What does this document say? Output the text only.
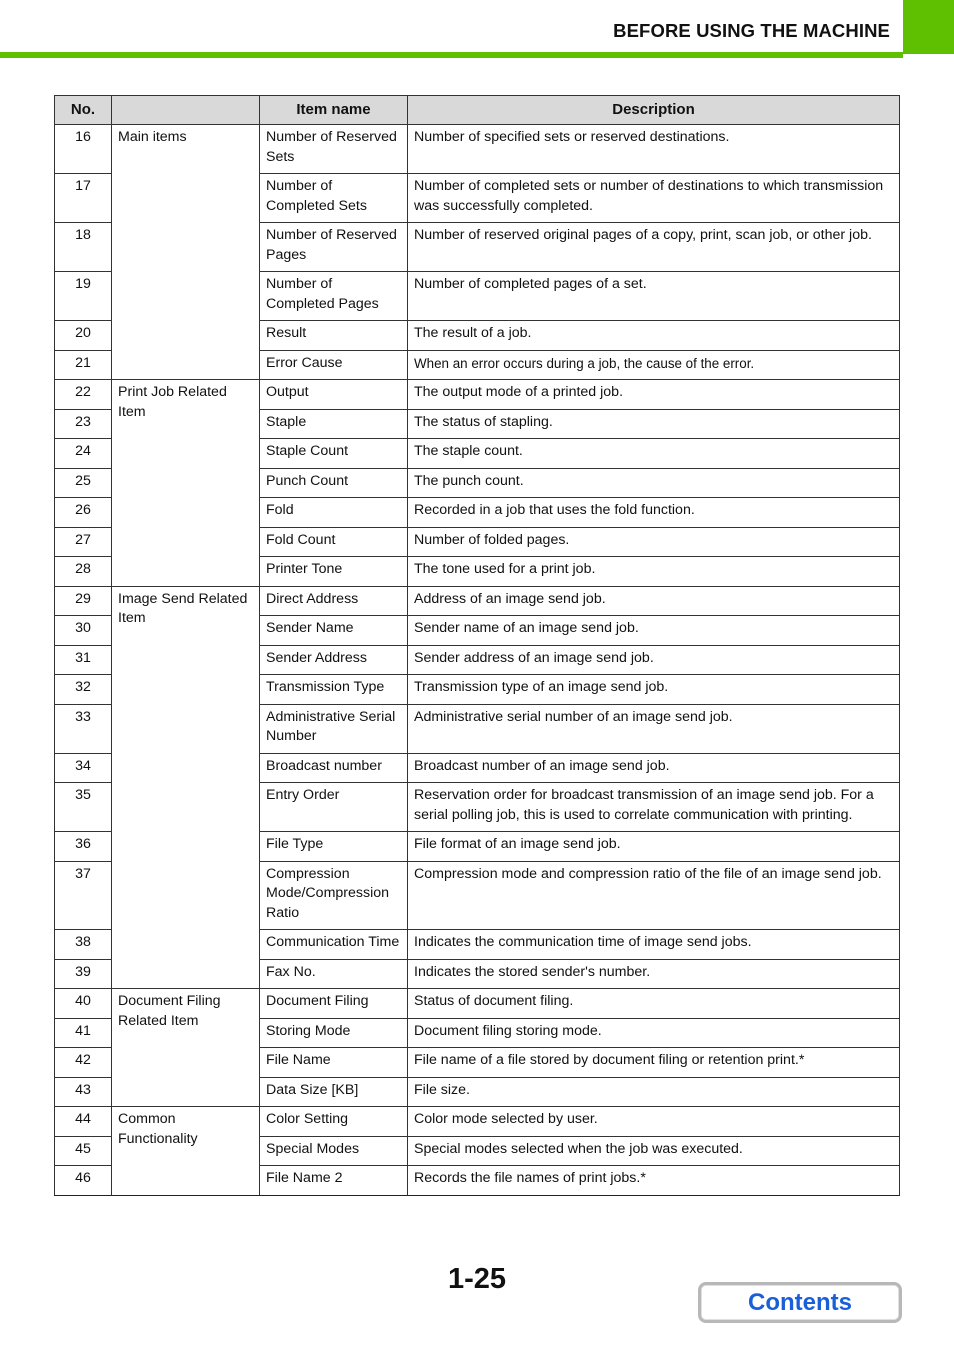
BEFORE USING THE MACHINE
No.		Item name	Description
16	Main items	Number of Reserved Sets	Number of specified sets or reserved destinations.
17		Number of Completed Sets	Number of completed sets or number of destinations to which transmission was successfully completed.
18		Number of Reserved Pages	Number of reserved original pages of a copy, print, scan job, or other job.
19		Number of Completed Pages	Number of completed pages of a set.
20		Result	The result of a job.
21		Error Cause	When an error occurs during a job, the cause of the error.
22	Print Job Related Item	Output	The output mode of a printed job.
23		Staple	The status of stapling.
24		Staple Count	The staple count.
25		Punch Count	The punch count.
26		Fold	Recorded in a job that uses the fold function.
27		Fold Count	Number of folded pages.
28		Printer Tone	The tone used for a print job.
29	Image Send Related Item	Direct Address	Address of an image send job.
30		Sender Name	Sender name of an image send job.
31		Sender Address	Sender address of an image send job.
32		Transmission Type	Transmission type of an image send job.
33		Administrative Serial Number	Administrative serial number of an image send job.
34		Broadcast number	Broadcast number of an image send job.
35		Entry Order	Reservation order for broadcast transmission of an image send job. For a serial polling job, this is used to correlate communication with printing.
36		File Type	File format of an image send job.
37		Compression Mode/Compression Ratio	Compression mode and compression ratio of the file of an image send job.
38		Communication Time	Indicates the communication time of image send jobs.
39		Fax No.	Indicates the stored sender's number.
40	Document Filing Related Item	Document Filing	Status of document filing.
41		Storing Mode	Document filing storing mode.
42		File Name	File name of a file stored by document filing or retention print.*
43		Data Size [KB]	File size.
44	Common Functionality	Color Setting	Color mode selected by user.
45		Special Modes	Special modes selected when the job was executed.
46		File Name 2	Records the file names of print jobs.*
1-25
Contents
